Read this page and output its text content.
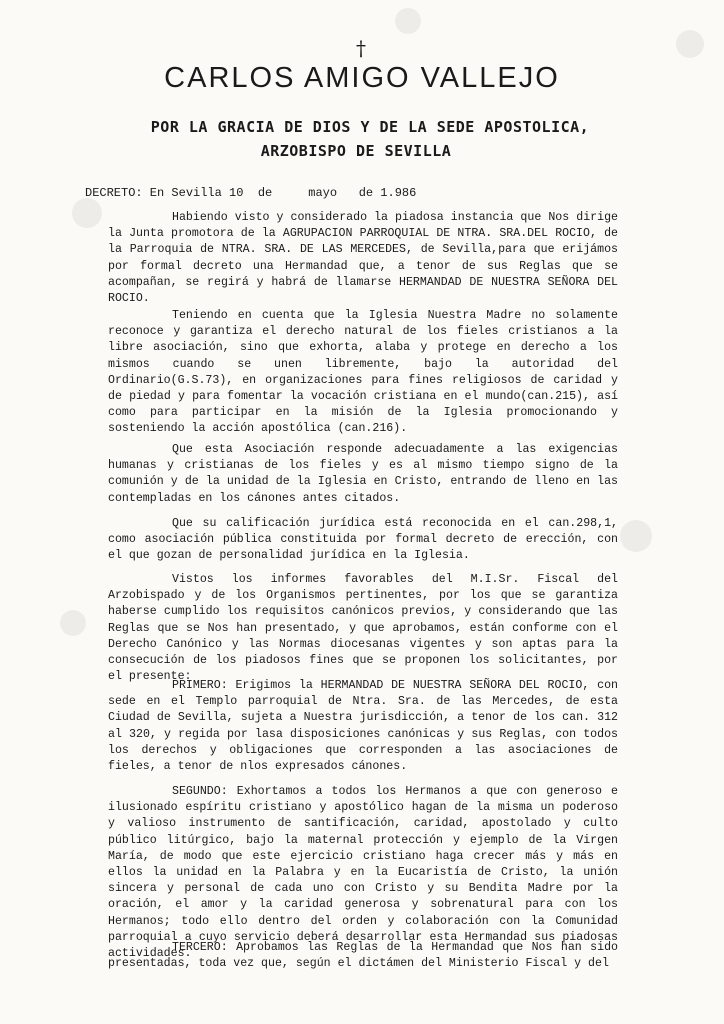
†
CARLOS AMIGO VALLEJO
POR LA GRACIA DE DIOS Y DE LA SEDE APOSTOLICA,
ARZOBISPO DE SEVILLA
DECRETO: En Sevilla 10 de	mayo de 1.986

Habiendo visto y considerado la piadosa instancia que Nos dirige la Junta promotora de la AGRUPACION PARROQUIAL DE NTRA. SRA.DEL ROCIO, de la Parroquia de NTRA. SRA. DE LAS MERCEDES, de Sevilla,para que erijámos por formal decreto una Hermandad que, a tenor de sus Reglas que se acompañan, se regirá y habrá de llamarse HERMANDAD DE NUESTRA SEÑORA DEL ROCIO.

Teniendo en cuenta que la Iglesia Nuestra Madre no solamente reconoce y garantiza el derecho natural de los fieles cristianos a la libre asociación, sino que exhorta, alaba y protege en derecho a los mismos cuando se unen libremente, bajo la autoridad del Ordinario(G.S.73), en organizaciones para fines religiosos de caridad y de piedad y para fomentar la vocación cristiana en el mundo(can.215), así como para participar en la misión de la Iglesia promocionando y sosteniendo la acción apostólica (can.216).

Que esta Asociación responde adecuadamente a las exigencias humanas y cristianas de los fieles y es al mismo tiempo signo de la comunión y de la unidad de la Iglesia en Cristo, entrando de lleno en las contempladas en los cánones antes citados.

Que su calificación jurídica está reconocida en el can.298,1, como asociación pública constituida por formal decreto de erección, con el que gozan de personalidad jurídica en la Iglesia.

Vistos los informes favorables del M.I.Sr. Fiscal del Arzobispado y de los Organismos pertinentes, por los que se garantiza haberse cumplido los requisitos canónicos previos, y considerando que las Reglas que se Nos han presentado, y que aprobamos, están conforme con el Derecho Canónico y las Normas diocesanas vigentes y son aptas para la consecución de los piadosos fines que se proponen los solicitantes, por el presente:

PRIMERO: Erigimos la HERMANDAD DE NUESTRA SEÑORA DEL ROCIO, con sede en el Templo parroquial de Ntra. Sra. de las Mercedes, de esta Ciudad de Sevilla, sujeta a Nuestra jurisdicción, a tenor de los can. 312 al 320, y regida por lasa disposiciones canónicas y sus Reglas, con todos los derechos y obligaciones que corresponden a las asociaciones de fieles, a tenor de nlos expresados cánones.

SEGUNDO: Exhortamos a todos los Hermanos a que con generoso e ilusionado espíritu cristiano y apostólico hagan de la misma un poderoso y valioso instrumento de santificación, caridad, apostolado y culto público litúrgico, bajo la maternal protección y ejemplo de la Virgen María, de modo que este ejercicio cristiano haga crecer más y más en ellos la unidad en la Palabra y en la Eucaristía de Cristo, la unión sincera y personal de cada uno con Cristo y su Bendita Madre por la oración, el amor y la caridad generosa y sobrenatural para con los Hermanos; todo ello dentro del orden y colaboración con la Comunidad parroquial a cuyo servicio deberá desarrollar esta Hermandad sus piadosas actividades.

TERCERO: Aprobamos las Reglas de la Hermandad que Nos han sido presentadas, toda vez que, según el dictámen del Ministerio Fiscal y del
